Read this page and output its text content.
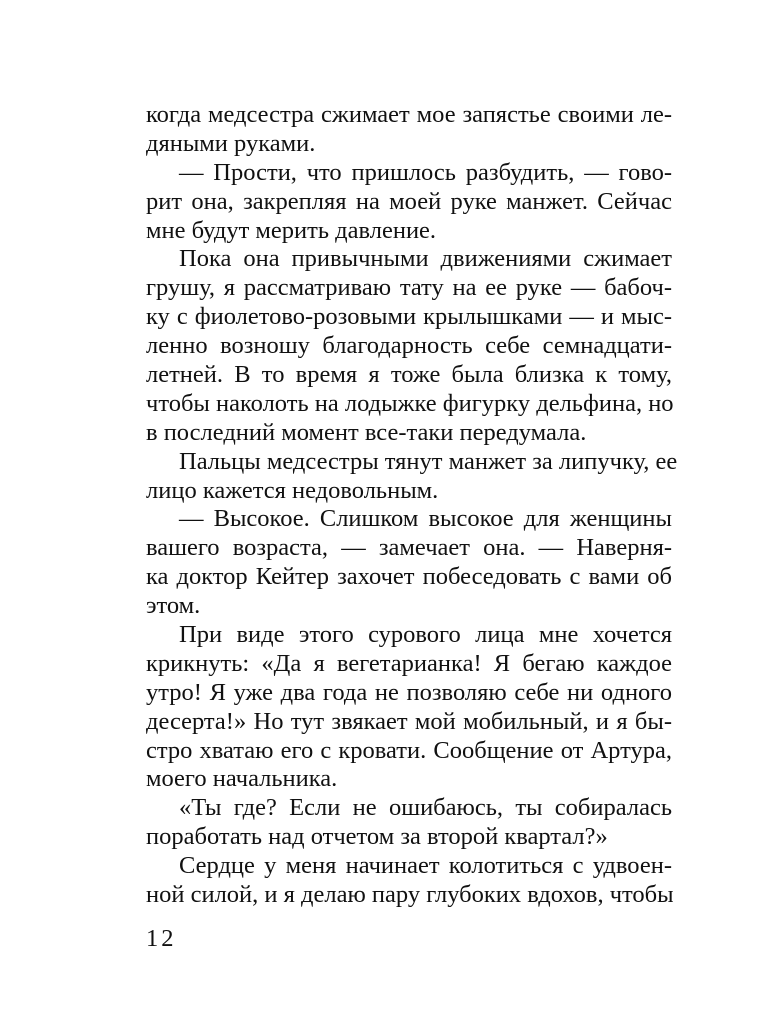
когда медсестра сжимает мое запястье своими ле-
дяными руками.
— Прости, что пришлось разбудить, — гово-
рит она, закрепляя на моей руке манжет. Сейчас
мне будут мерить давление.
Пока она привычными движениями сжимает
грушу, я рассматриваю тату на ее руке — бабоч-
ку с фиолетово-розовыми крылышками — и мыс-
ленно возношу благодарность себе семнадцати-
летней. В то время я тоже была близка к тому,
чтобы наколоть на лодыжке фигурку дельфина, но
в последний момент все-таки передумала.
Пальцы медсестры тянут манжет за липучку, ее
лицо кажется недовольным.
— Высокое. Слишком высокое для женщины
вашего возраста, — замечает она. — Наверня-
ка доктор Кейтер захочет побеседовать с вами об
этом.
При виде этого сурового лица мне хочется
крикнуть: «Да я вегетарианка! Я бегаю каждое
утро! Я уже два года не позволяю себе ни одного
десерта!» Но тут звякает мой мобильный, и я бы-
стро хватаю его с кровати. Сообщение от Артура,
моего начальника.
«Ты где? Если не ошибаюсь, ты собиралась
поработать над отчетом за второй квартал?»
Сердце у меня начинает колотиться с удвоен-
ной силой, и я делаю пару глубоких вдохов, чтобы
12
